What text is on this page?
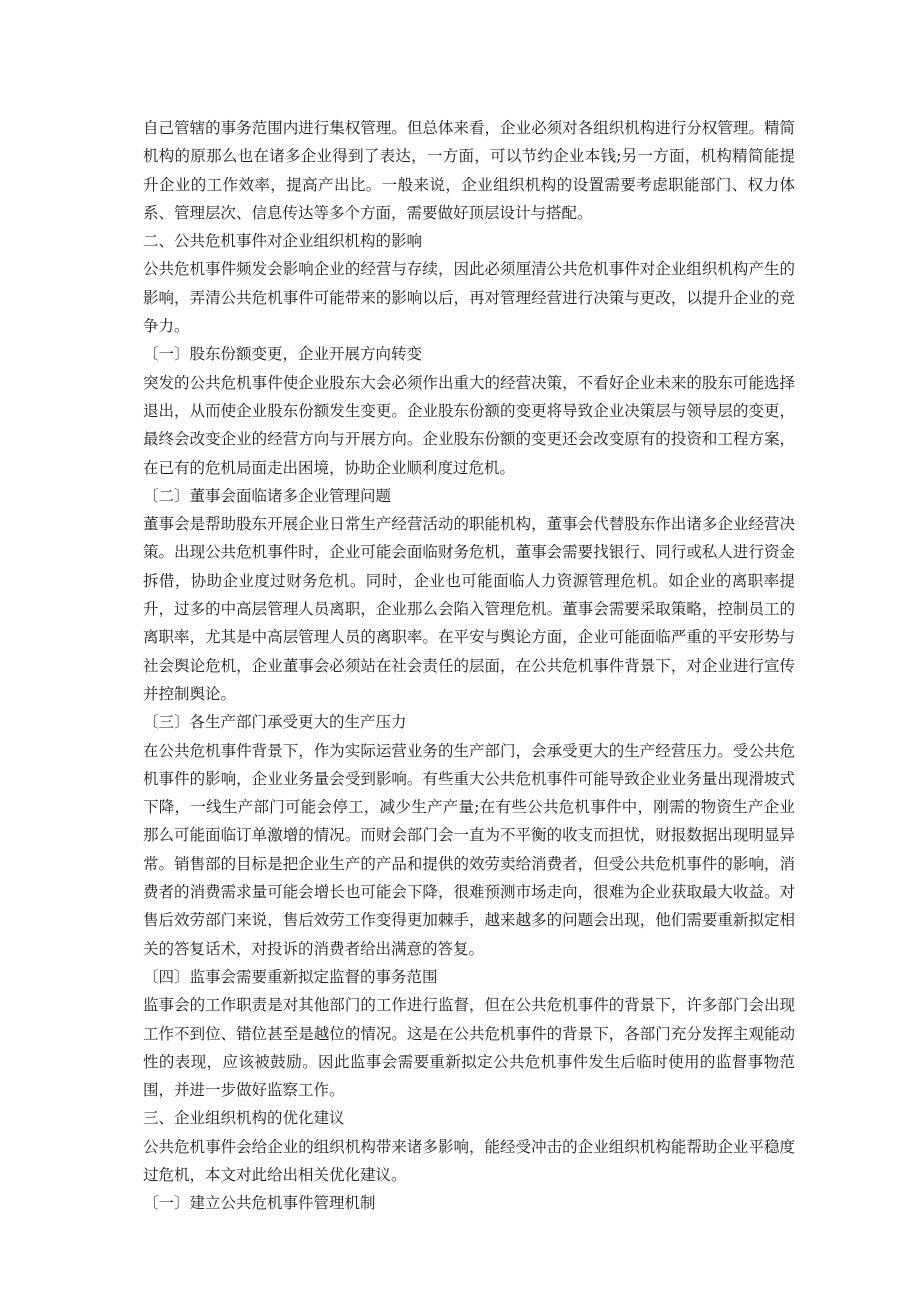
自己管辖的事务范围内进行集权管理。但总体来看，企业必须对各组织机构进行分权管理。精简机构的原那么也在诸多企业得到了表达，一方面，可以节约企业本钱;另一方面，机构精简能提升企业的工作效率，提高产出比。一般来说，企业组织机构的设置需要考虑职能部门、权力体系、管理层次、信息传达等多个方面，需要做好顶层设计与搭配。

二、公共危机事件对企业组织机构的影响

公共危机事件频发会影响企业的经营与存续，因此必须厘清公共危机事件对企业组织机构产生的影响，弄清公共危机事件可能带来的影响以后，再对管理经营进行决策与更改，以提升企业的竞争力。

〔一〕股东份额变更，企业开展方向转变

突发的公共危机事件使企业股东大会必须作出重大的经营决策，不看好企业未来的股东可能选择退出，从而使企业股东份额发生变更。企业股东份额的变更将导致企业决策层与领导层的变更，最终会改变企业的经营方向与开展方向。企业股东份额的变更还会改变原有的投资和工程方案，在已有的危机局面走出困境，协助企业顺利度过危机。

〔二〕董事会面临诸多企业管理问题

董事会是帮助股东开展企业日常生产经营活动的职能机构，董事会代替股东作出诸多企业经营决策。出现公共危机事件时，企业可能会面临财务危机，董事会需要找银行、同行或私人进行资金拆借，协助企业度过财务危机。同时，企业也可能面临人力资源管理危机。如企业的离职率提升，过多的中高层管理人员离职，企业那么会陷入管理危机。董事会需要采取策略，控制员工的离职率，尤其是中高层管理人员的离职率。在平安与舆论方面，企业可能面临严重的平安形势与社会舆论危机，企业董事会必须站在社会责任的层面，在公共危机事件背景下，对企业进行宣传并控制舆论。

〔三〕各生产部门承受更大的生产压力

在公共危机事件背景下，作为实际运营业务的生产部门，会承受更大的生产经营压力。受公共危机事件的影响，企业业务量会受到影响。有些重大公共危机事件可能导致企业业务量出现滑坡式下降，一线生产部门可能会停工，减少生产产量;在有些公共危机事件中，刚需的物资生产企业那么可能面临订单激增的情况。而财会部门会一直为不平衡的收支而担忧，财报数据出现明显异常。销售部的目标是把企业生产的产品和提供的效劳卖给消费者，但受公共危机事件的影响，消费者的消费需求量可能会增长也可能会下降，很难预测市场走向，很难为企业获取最大收益。对售后效劳部门来说，售后效劳工作变得更加棘手，越来越多的问题会出现，他们需要重新拟定相关的答复话术，对投诉的消费者给出满意的答复。

〔四〕监事会需要重新拟定监督的事务范围

监事会的工作职责是对其他部门的工作进行监督，但在公共危机事件的背景下，许多部门会出现工作不到位、错位甚至是越位的情况。这是在公共危机事件的背景下，各部门充分发挥主观能动性的表现，应该被鼓励。因此监事会需要重新拟定公共危机事件发生后临时使用的监督事物范围，并进一步做好监察工作。

三、企业组织机构的优化建议

公共危机事件会给企业的组织机构带来诸多影响，能经受冲击的企业组织机构能帮助企业平稳度过危机，本文对此给出相关优化建议。

〔一〕建立公共危机事件管理机制
